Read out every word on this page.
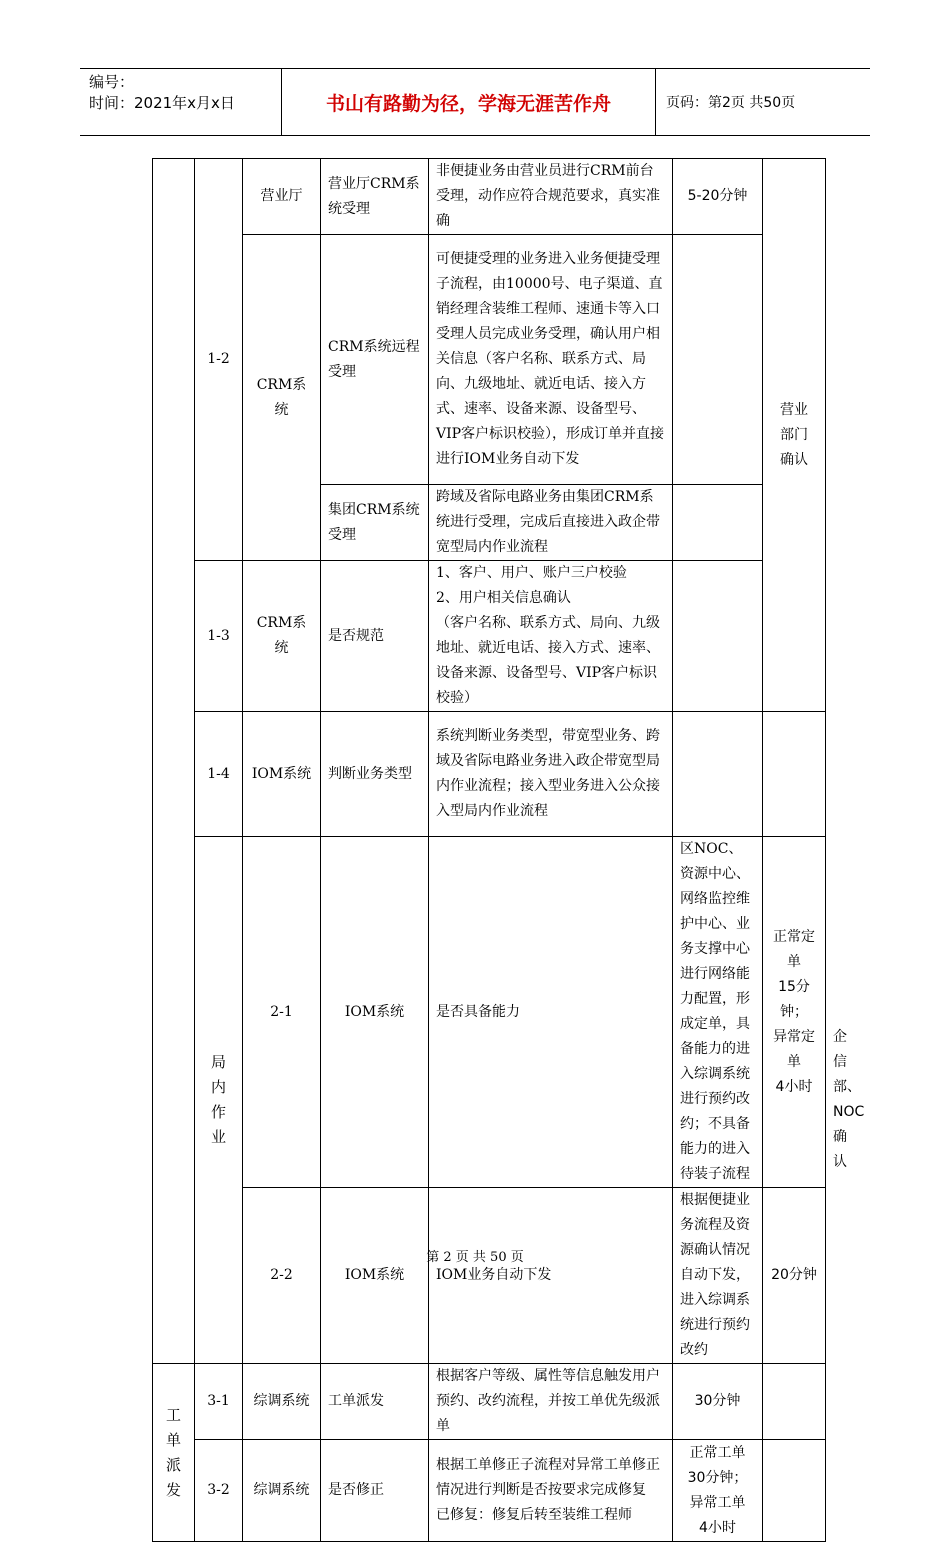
编号：
时间：2021年x月x日	书山有路勤为径，学海无涯苦作舟	页码：第2页 共50页
	1-2	营业厅	营业厅CRM系统受理	非便捷业务由营业员进行CRM前台受理，动作应符合规范要求，真实准确	5-20分钟	营业
部门
确认	

		CRM系统	CRM系统远程受理	可便捷受理的业务进入业务便捷受理子流程，由10000号、电子渠道、直销经理含装维工程师、速通卡等入口受理人员完成业务受理，确认用户相关信息（客户名称、联系方式、局向、九级地址、就近电话、接入方式、速率、设备来源、设备型号、VIP客户标识校验），形成订单并直接进行IOM业务自动下发			
			集团CRM系统受理	跨域及省际电路业务由集团CRM系统进行受理，完成后直接进入政企带宽型局内作业流程			
	1-3	CRM系统	是否规范	1、客户、用户、账户三户校验
2、用户相关信息确认
（客户名称、联系方式、局向、九级地址、就近电话、接入方式、速率、设备来源、设备型号、VIP客户标识校验）			

	1-4	IOM系统	判断业务类型	系统判断业务类型，带宽型业务、跨域及省际电路业务进入政企带宽型局内作业流程；接入型业务进入公众接入型局内作业流程			

	局
内
作
业	2-1	IOM系统	是否具备能力	区NOC、资源中心、网络监控维护中心、业务支撑中心进行网络能力配置，形成定单，具备能力的进入综调系统进行预约改约；不具备能力的进入待装子流程	正常定单
15分钟；
异常定单
4小时	企信
部、
NOC
确认

		2-2	IOM系统	IOM业务自动下发	根据便捷业务流程及资源确认情况自动下发，进入综调系统进行预约改约	20分钟	

工
单
派
发	3-1	综调系统	工单派发	根据客户等级、属性等信息触发用户预约、改约流程，并按工单优先级派单	30分钟		
	3-2	综调系统	是否修正	根据工单修正子流程对异常工单修正情况进行判断是否按要求完成修复
已修复：修复后转至装维工程师	正常工单
30分钟；
异常工单
4小时		

第 2 页 共 50 页
